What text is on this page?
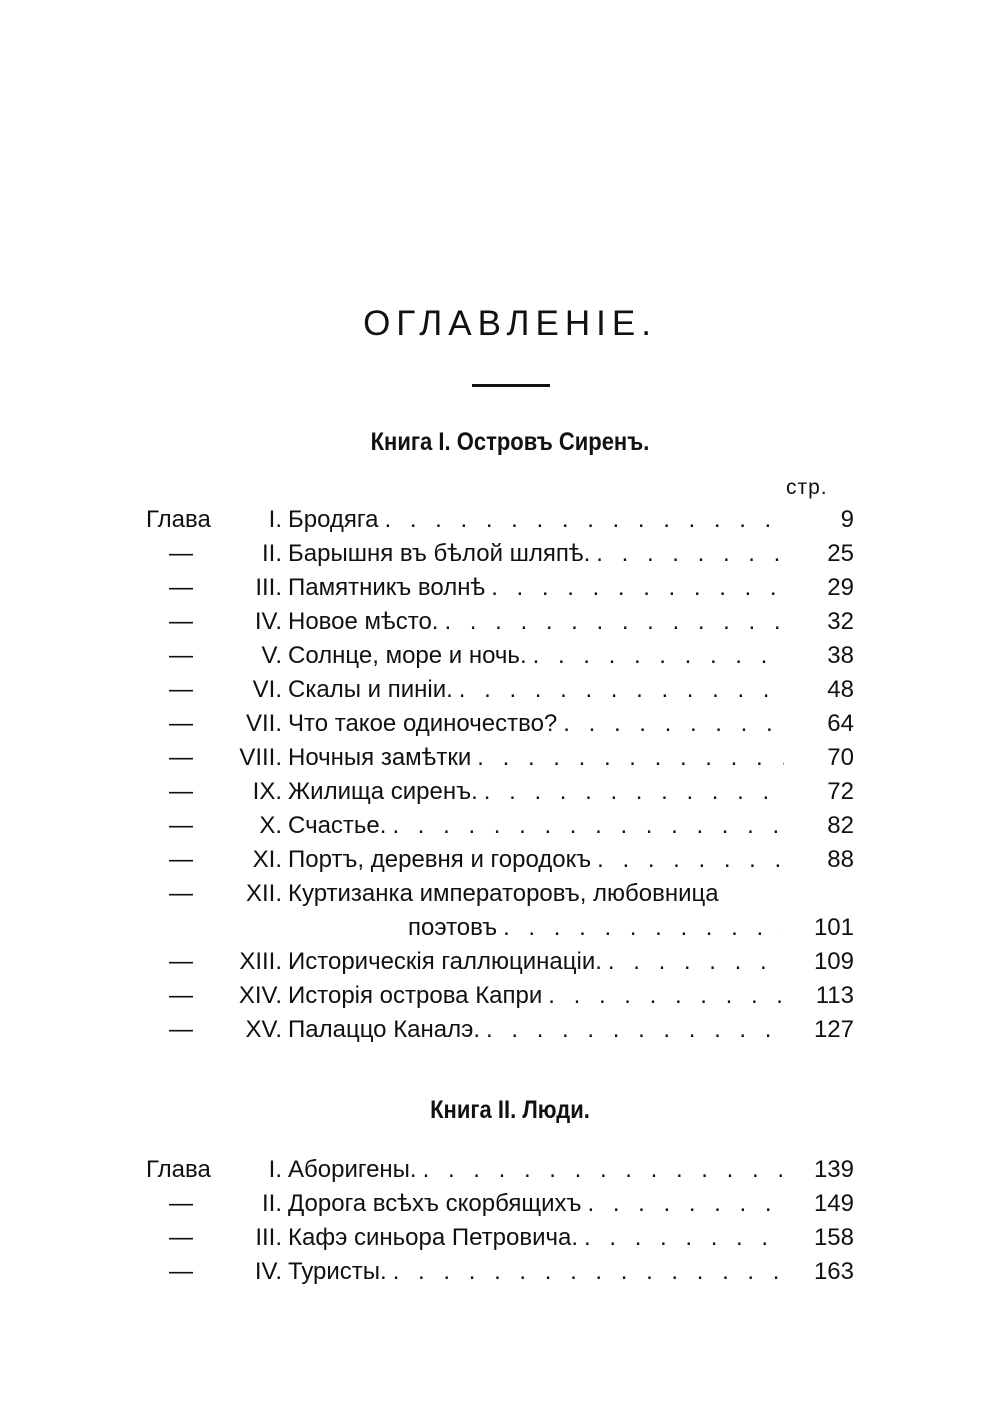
ОГЛАВЛЕНIЕ.
Книга I. Островъ Сиренъ.
стр.
Глава	I. Бродяга . . .	9
—	II. Барышня въ бѣлой шляпѣ. . . .	25
—	III. Памятникъ волнѣ . . .	29
—	IV. Новое мѣсто. . . .	32
—	V. Солнце, море и ночь. . . .	38
—	VI. Скалы и пиніи. . . .	48
—	VII. Что такое одиночество? . . .	64
—	VIII. Ночныя замѣтки . . .	70
—	IX. Жилища сиренъ. . . .	72
—	X. Счастье. . . .	82
—	XI. Портъ, деревня и городокъ . . .	88
—	XII. Куртизанка императоровъ, любовница
поэтовъ . . .	101
—	XIII. Историческія галлюцинаціи. . . .	109
—	XIV. Исторія острова Капри . . .	113
—	XV. Палаццо Каналэ. . . .	127
Книга II. Люди.
Глава	I. Аборигены. . . .	139
—	II. Дорога всѣхъ скорбящихъ . . .	149
—	III. Кафэ синьора Петровича. . . .	158
—	IV. Туристы. . . .	163
